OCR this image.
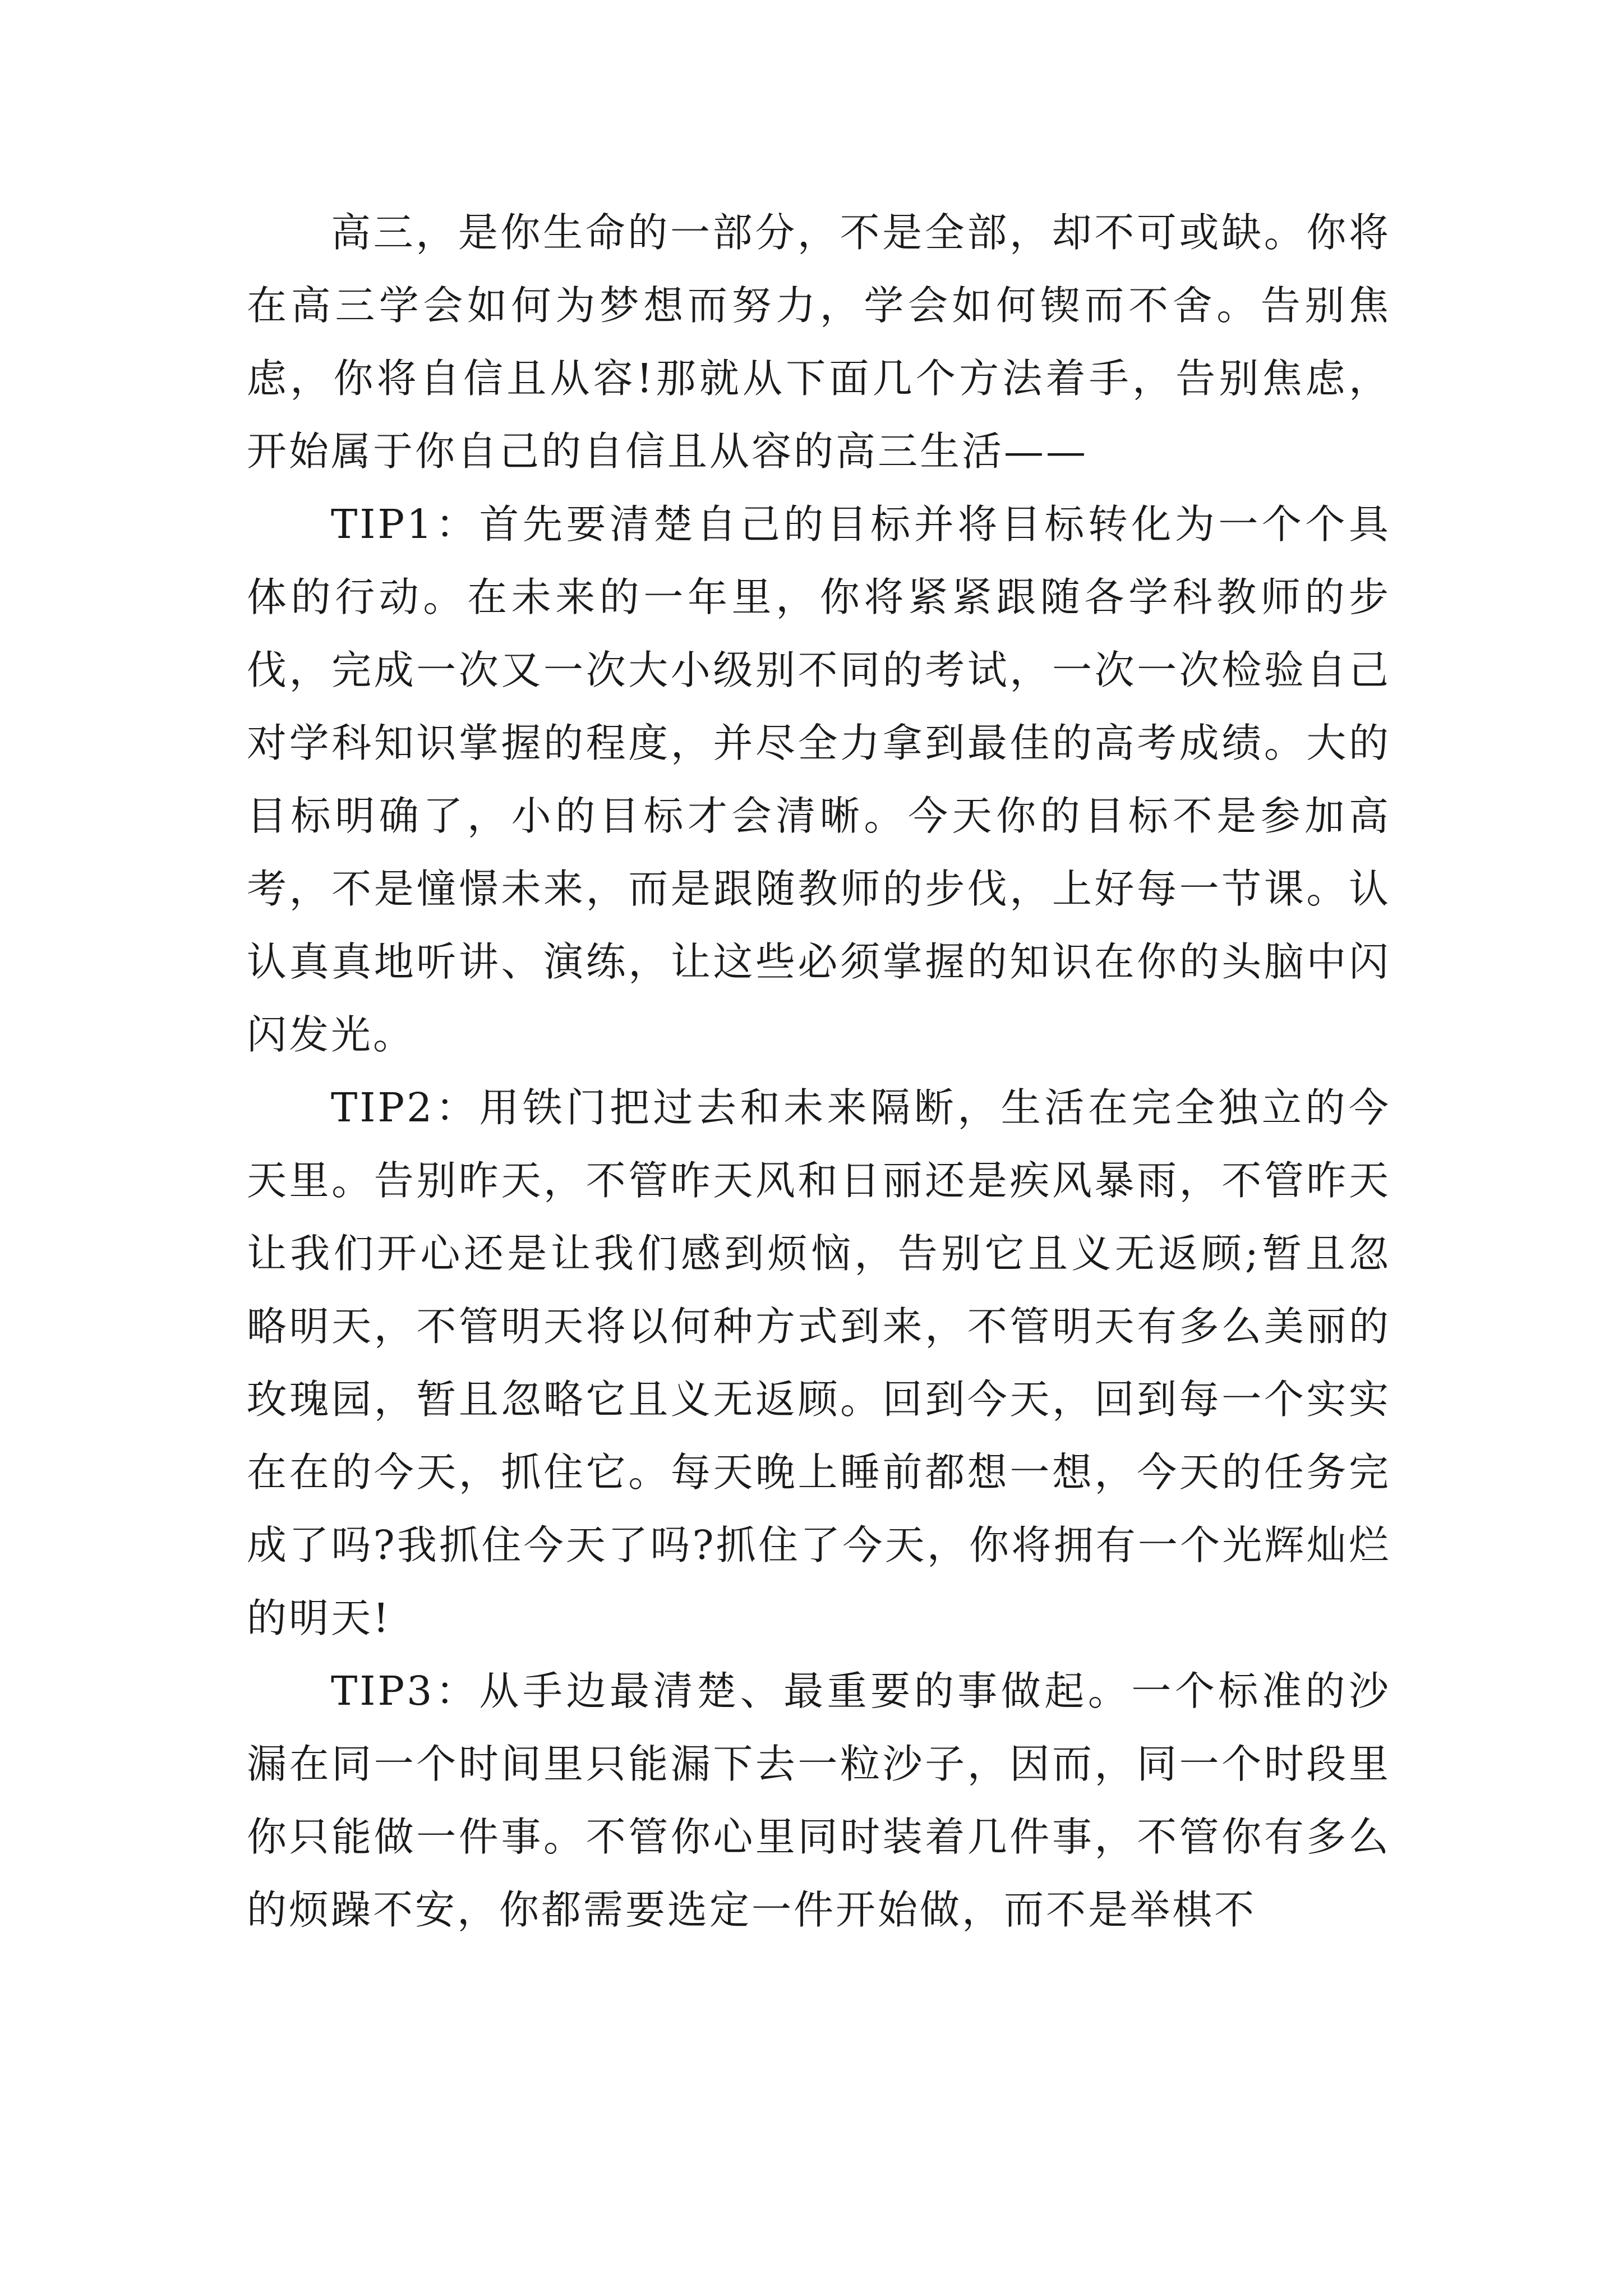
高三，是你生命的一部分，不是全部，却不可或缺。你将在高三学会如何为梦想而努力，学会如何锲而不舍。告别焦虑，你将自信且从容!那就从下面几个方法着手，告别焦虑，开始属于你自己的自信且从容的高三生活——

TIP1：首先要清楚自己的目标并将目标转化为一个个具体的行动。在未来的一年里，你将紧紧跟随各学科教师的步伐，完成一次又一次大小级别不同的考试，一次一次检验自己对学科知识掌握的程度，并尽全力拿到最佳的高考成绩。大的目标明确了，小的目标才会清晰。今天你的目标不是参加高考，不是憧憬未来，而是跟随教师的步伐，上好每一节课。认认真真地听讲、演练，让这些必须掌握的知识在你的头脑中闪闪发光。

TIP2：用铁门把过去和未来隔断，生活在完全独立的今天里。告别昨天，不管昨天风和日丽还是疾风暴雨，不管昨天让我们开心还是让我们感到烦恼，告别它且义无返顾;暂且忽略明天，不管明天将以何种方式到来，不管明天有多么美丽的玫瑰园，暂且忽略它且义无返顾。回到今天，回到每一个实实在在的今天，抓住它。每天晚上睡前都想一想，今天的任务完成了吗?我抓住今天了吗?抓住了今天，你将拥有一个光辉灿烂的明天!

TIP3：从手边最清楚、最重要的事做起。一个标准的沙漏在同一个时间里只能漏下去一粒沙子，因而，同一个时段里你只能做一件事。不管你心里同时装着几件事，不管你有多么的烦躁不安，你都需要选定一件开始做，而不是举棋不
